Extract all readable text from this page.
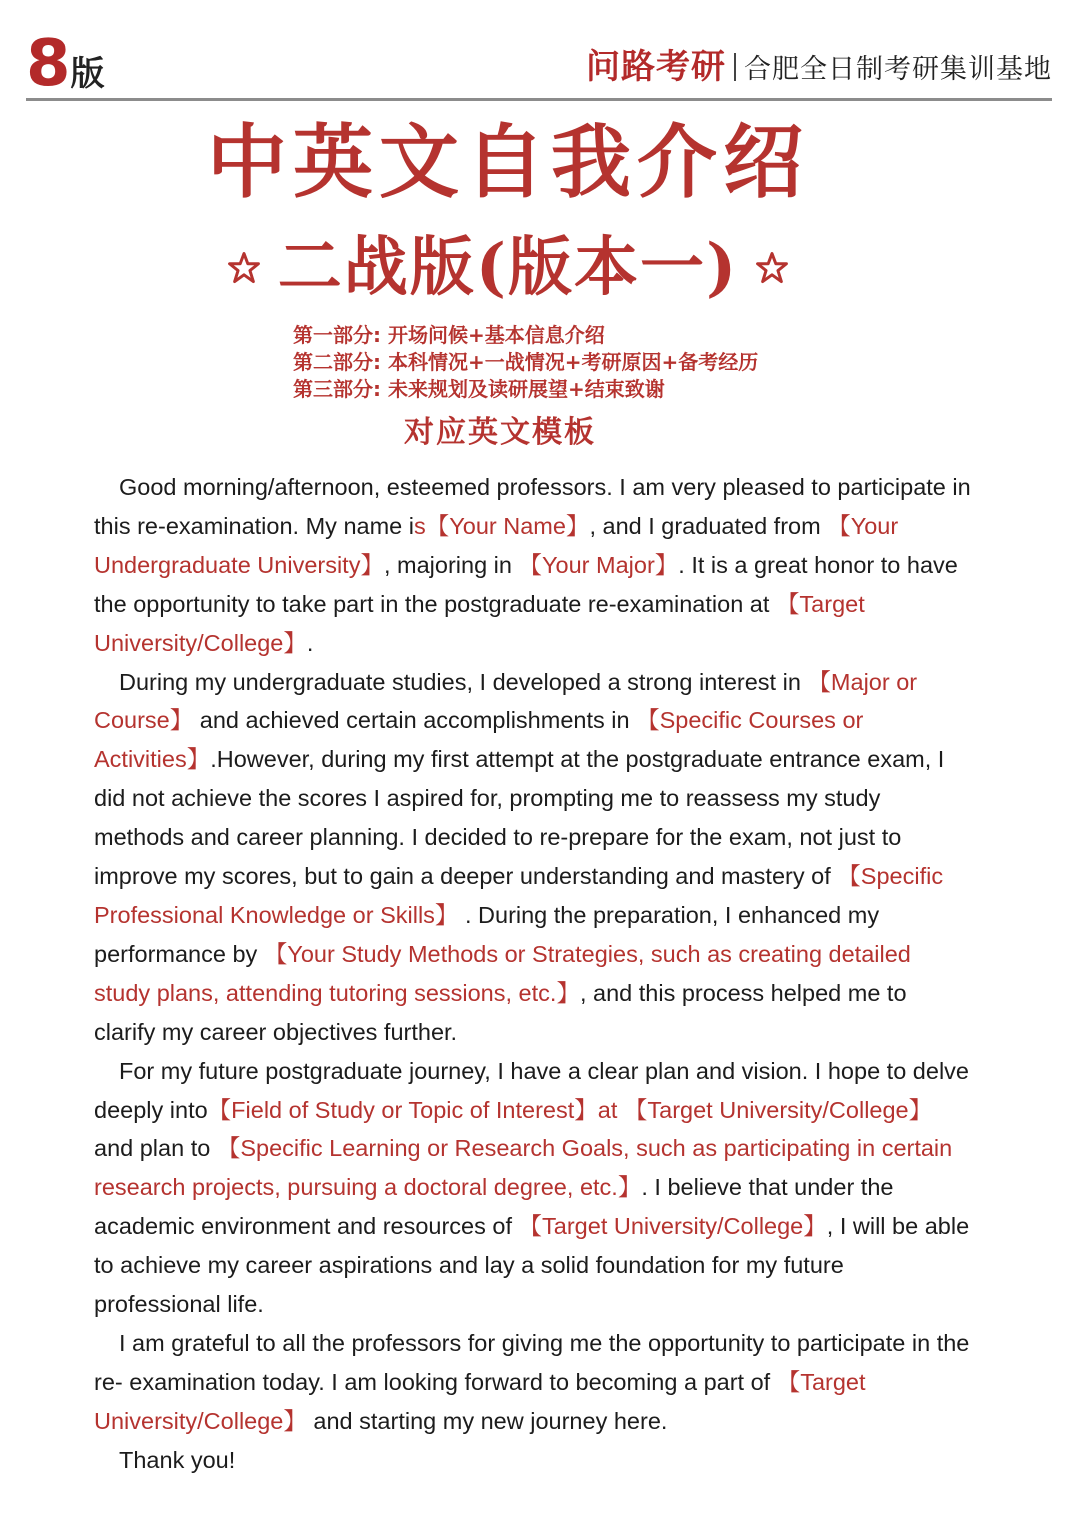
8版	问路考研 合肥全日制考研集训基地
中英文自我介绍
二战版(版本一)
第一部分: 开场问候+基本信息介绍
第二部分: 本科情况+一战情况+考研原因+备考经历
第三部分: 未来规划及读研展望+结束致谢
对应英文模板

Good morning/afternoon, esteemed professors. I am very pleased to participate in this re-examination. My name is【Your Name】, and I graduated from 【Your Undergraduate University】, majoring in 【Your Major】. It is a great honor to have the opportunity to take part in the postgraduate re-examination at 【Target University/College】.

During my undergraduate studies, I developed a strong interest in 【Major or Course】 and achieved certain accomplishments in 【Specific Courses or Activities】.However, during my first attempt at the postgraduate entrance exam, I did not achieve the scores I aspired for, prompting me to reassess my study methods and career planning. I decided to re-prepare for the exam, not just to improve my scores, but to gain a deeper understanding and mastery of 【Specific Professional Knowledge or Skills】 . During the preparation, I enhanced my performance by 【Your Study Methods or Strategies, such as creating detailed study plans, attending tutoring sessions, etc.】, and this process helped me to clarify my career objectives further.

For my future postgraduate journey, I have a clear plan and vision. I hope to delve deeply into【Field of Study or Topic of Interest】at 【Target University/College】 and plan to 【Specific Learning or Research Goals, such as participating in certain research projects, pursuing a doctoral degree, etc.】. I believe that under the academic environment and resources of 【Target University/College】, I will be able to achieve my career aspirations and lay a solid foundation for my future professional life.

I am grateful to all the professors for giving me the opportunity to participate in the re- examination today. I am looking forward to becoming a part of 【Target University/College】 and starting my new journey here.

Thank you!
